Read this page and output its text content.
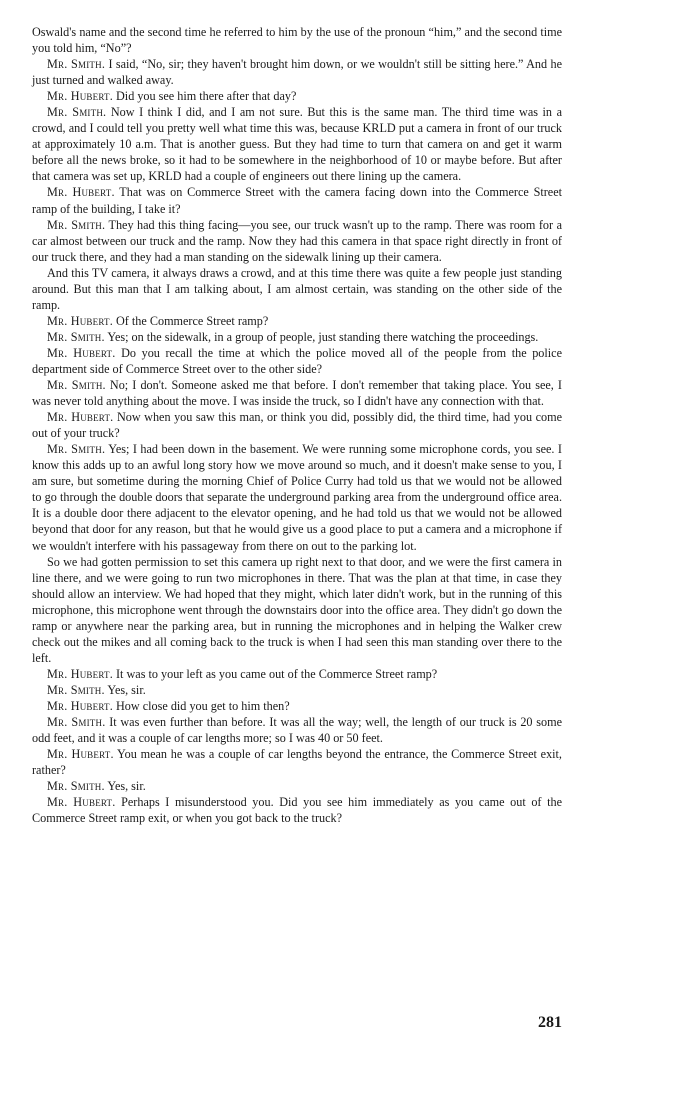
Oswald's name and the second time he referred to him by the use of the pronoun “him,” and the second time you told him, “No”?

Mr. Smith. I said, “No, sir; they haven't brought him down, or we wouldn't still be sitting here.” And he just turned and walked away.

Mr. Hubert. Did you see him there after that day?

Mr. Smith. Now I think I did, and I am not sure. But this is the same man. The third time was in a crowd, and I could tell you pretty well what time this was, because KRLD put a camera in front of our truck at approximately 10 a.m. That is another guess. But they had time to turn that camera on and get it warm before all the news broke, so it had to be somewhere in the neighborhood of 10 or maybe before. But after that camera was set up, KRLD had a couple of engineers out there lining up the camera.

Mr. Hubert. That was on Commerce Street with the camera facing down into the Commerce Street ramp of the building, I take it?

Mr. Smith. They had this thing facing—you see, our truck wasn't up to the ramp. There was room for a car almost between our truck and the ramp. Now they had this camera in that space right directly in front of our truck there, and they had a man standing on the sidewalk lining up their camera.

And this TV camera, it always draws a crowd, and at this time there was quite a few people just standing around. But this man that I am talking about, I am almost certain, was standing on the other side of the ramp.

Mr. Hubert. Of the Commerce Street ramp?

Mr. Smith. Yes; on the sidewalk, in a group of people, just standing there watching the proceedings.

Mr. Hubert. Do you recall the time at which the police moved all of the people from the police department side of Commerce Street over to the other side?

Mr. Smith. No; I don't. Someone asked me that before. I don't remember that taking place. You see, I was never told anything about the move. I was inside the truck, so I didn't have any connection with that.

Mr. Hubert. Now when you saw this man, or think you did, possibly did, the third time, had you come out of your truck?

Mr. Smith. Yes; I had been down in the basement. We were running some microphone cords, you see. I know this adds up to an awful long story how we move around so much, and it doesn't make sense to you, I am sure, but sometime during the morning Chief of Police Curry had told us that we would not be allowed to go through the double doors that separate the underground parking area from the underground office area. It is a double door there adjacent to the elevator opening, and he had told us that we would not be allowed beyond that door for any reason, but that he would give us a good place to put a camera and a microphone if we wouldn't interfere with his passageway from there on out to the parking lot.

So we had gotten permission to set this camera up right next to that door, and we were the first camera in line there, and we were going to run two microphones in there. That was the plan at that time, in case they should allow an interview. We had hoped that they might, which later didn't work, but in the running of this microphone, this microphone went through the downstairs door into the office area. They didn't go down the ramp or anywhere near the parking area, but in running the microphones and in helping the Walker crew check out the mikes and all coming back to the truck is when I had seen this man standing over there to the left.

Mr. Hubert. It was to your left as you came out of the Commerce Street ramp?

Mr. Smith. Yes, sir.

Mr. Hubert. How close did you get to him then?

Mr. Smith. It was even further than before. It was all the way; well, the length of our truck is 20 some odd feet, and it was a couple of car lengths more; so I was 40 or 50 feet.

Mr. Hubert. You mean he was a couple of car lengths beyond the entrance, the Commerce Street exit, rather?

Mr. Smith. Yes, sir.

Mr. Hubert. Perhaps I misunderstood you. Did you see him immediately as you came out of the Commerce Street ramp exit, or when you got back to the truck?

281
